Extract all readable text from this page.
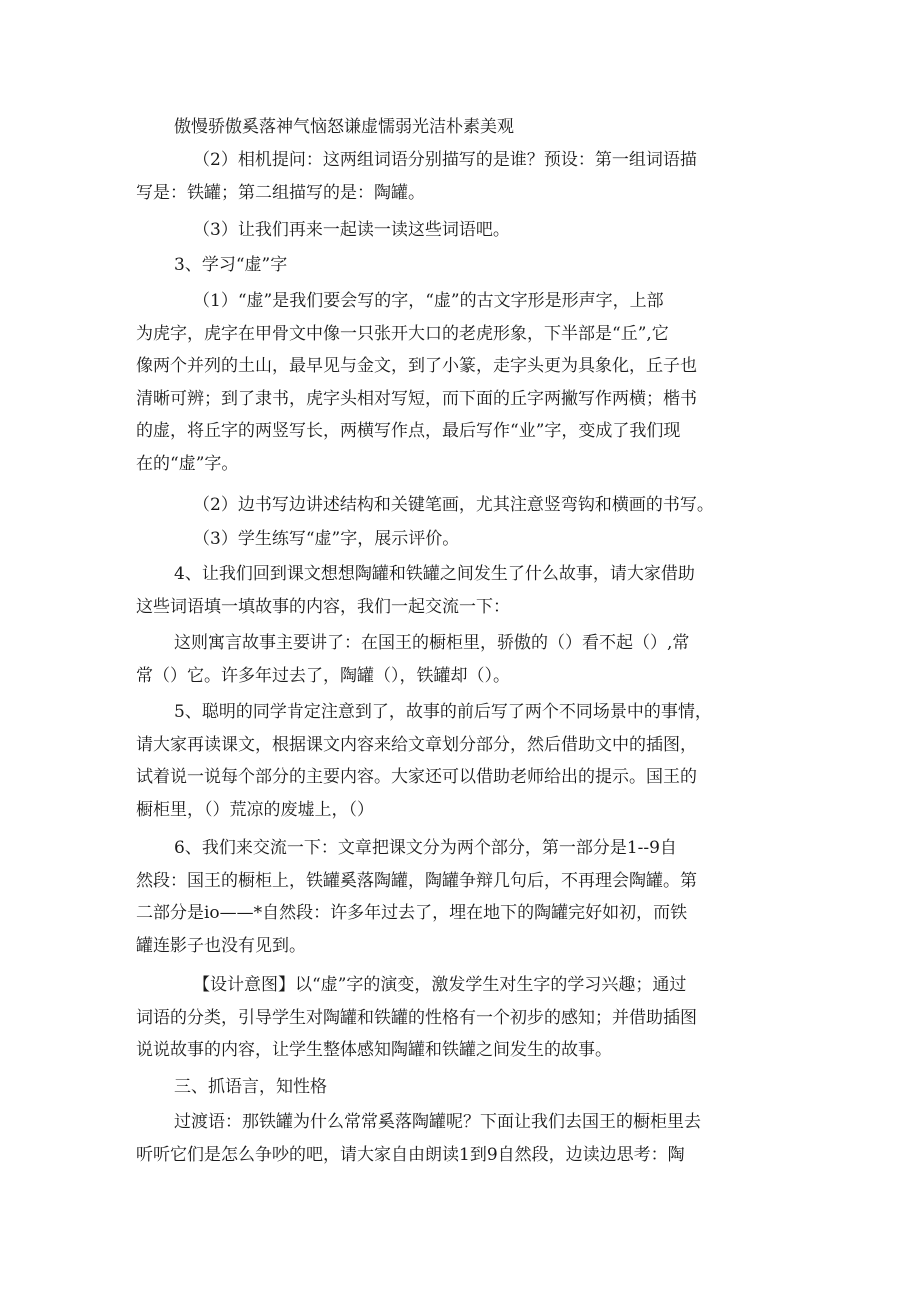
傲慢骄傲奚落神气恼怒谦虚懦弱光洁朴素美观
（2）相机提问：这两组词语分别描写的是谁？预设：第一组词语描
写是：铁罐；第二组描写的是：陶罐。
（3）让我们再来一起读一读这些词语吧。
3、学习“虚”字
（1）“虚”是我们要会写的字，“虚”的古文字形是形声字，上部
为虎字，虎字在甲骨文中像一只张开大口的老虎形象，下半部是“丘”,它
像两个并列的土山，最早见与金文，到了小篆，走字头更为具象化，丘子也
清晰可辨；到了隶书，虎字头相对写短，而下面的丘字两撇写作两横；楷书
的虚，将丘字的两竖写长，两横写作点，最后写作“业”字，变成了我们现
在的“虚”字。
（2）边书写边讲述结构和关键笔画，尤其注意竖弯钩和横画的书写。
（3）学生练写“虚”字，展示评价。
4、让我们回到课文想想陶罐和铁罐之间发生了什么故事，请大家借助
这些词语填一填故事的内容，我们一起交流一下：
这则寓言故事主要讲了：在国王的橱柜里，骄傲的（）看不起（）,常
常（）它。许多年过去了，陶罐（），铁罐却（）。
5、聪明的同学肯定注意到了，故事的前后写了两个不同场景中的事情，
请大家再读课文，根据课文内容来给文章划分部分，然后借助文中的插图，
试着说一说每个部分的主要内容。大家还可以借助老师给出的提示。国王的
橱柜里，（）荒凉的废墟上，（）
6、我们来交流一下：文章把课文分为两个部分，第一部分是1--9自
然段：国王的橱柜上，铁罐奚落陶罐，陶罐争辩几句后，不再理会陶罐。第
二部分是io——*自然段：许多年过去了，埋在地下的陶罐完好如初，而铁
罐连影子也没有见到。
【设计意图】以“虚”字的演变，激发学生对生字的学习兴趣；通过
词语的分类，引导学生对陶罐和铁罐的性格有一个初步的感知；并借助插图
说说故事的内容，让学生整体感知陶罐和铁罐之间发生的故事。
三、抓语言，知性格
过渡语：那铁罐为什么常常奚落陶罐呢？下面让我们去国王的橱柜里去
听听它们是怎么争吵的吧，请大家自由朗读1到9自然段，边读边思考：陶
